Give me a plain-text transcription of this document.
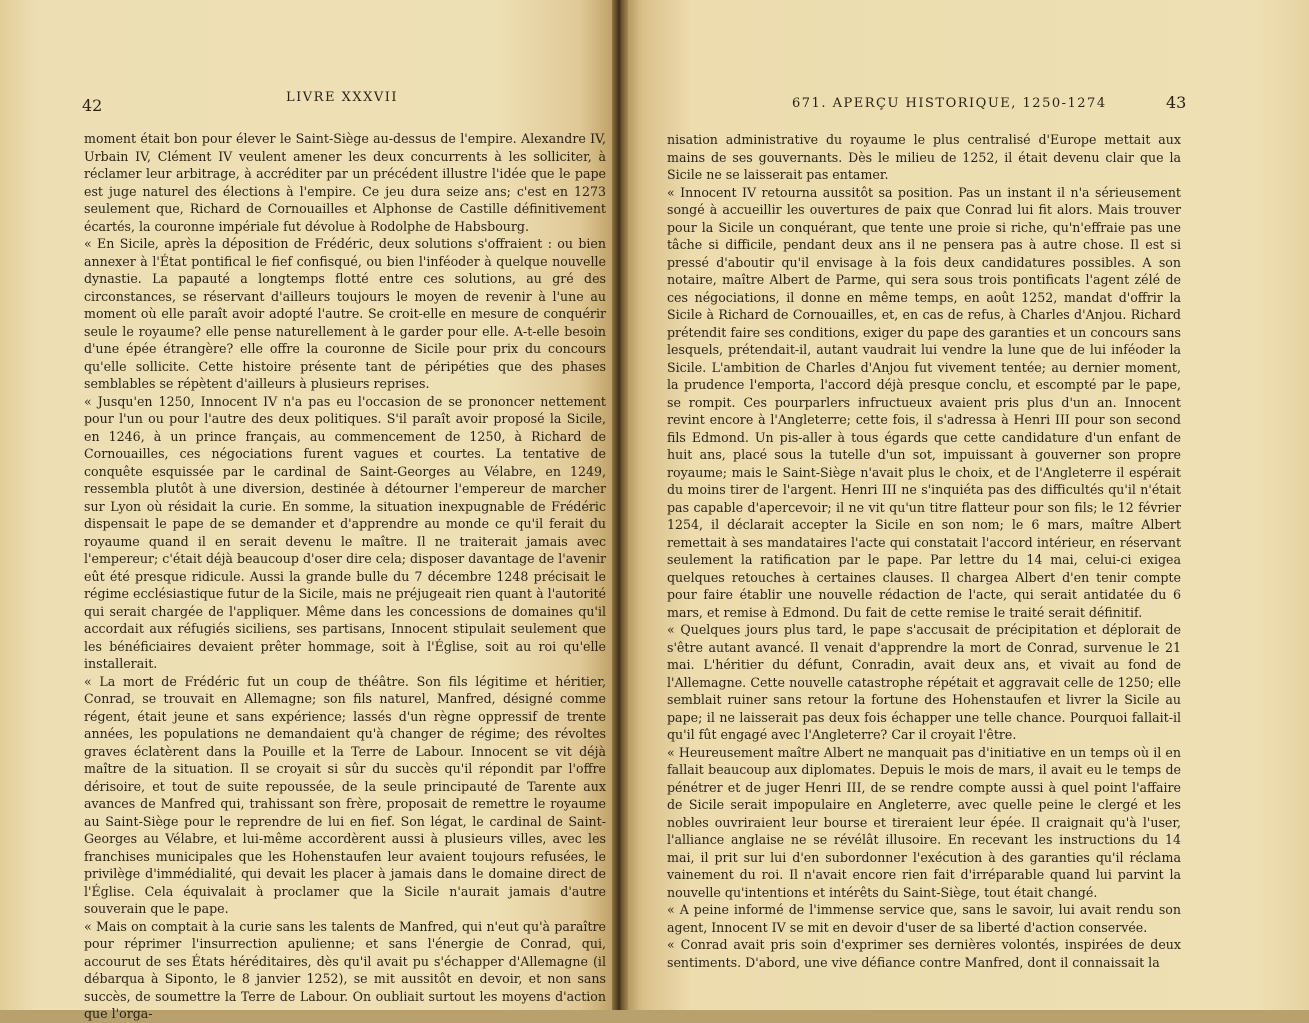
42	LIVRE XXXVII

moment était bon pour élever le Saint-Siège au-dessus de l'empire. Alexandre IV, Urbain IV, Clément IV veulent amener les deux concurrents à les solliciter, à réclamer leur arbitrage, à accréditer par un précédent illustre l'idée que le pape est juge naturel des élections à l'empire. Ce jeu dura seize ans; c'est en 1273 seulement que, Richard de Cornouailles et Alphonse de Castille définitivement écartés, la couronne impériale fut dévolue à Rodolphe de Habsbourg.

« En Sicile, après la déposition de Frédéric, deux solutions s'offraient : ou bien annexer à l'État pontifical le fief confisqué, ou bien l'inféoder à quelque nouvelle dynastie. La papauté a longtemps flotté entre ces solutions, au gré des circonstances, se réservant d'ailleurs toujours le moyen de revenir à l'une au moment où elle paraît avoir adopté l'autre. Se croit-elle en mesure de conquérir seule le royaume? elle pense naturellement à le garder pour elle. A-t-elle besoin d'une épée étrangère? elle offre la couronne de Sicile pour prix du concours qu'elle sollicite. Cette histoire présente tant de péripéties que des phases semblables se répètent d'ailleurs à plusieurs reprises.

« Jusqu'en 1250, Innocent IV n'a pas eu l'occasion de se prononcer nettement pour l'un ou pour l'autre des deux politiques. S'il paraît avoir proposé la Sicile, en 1246, à un prince français, au commencement de 1250, à Richard de Cornouailles, ces négociations furent vagues et courtes. La tentative de conquête esquissée par le cardinal de Saint-Georges au Vélabre, en 1249, ressembla plutôt à une diversion, destinée à détourner l'empereur de marcher sur Lyon où résidait la curie. En somme, la situation inexpugnable de Frédéric dispensait le pape de se demander et d'apprendre au monde ce qu'il ferait du royaume quand il en serait devenu le maître. Il ne traiterait jamais avec l'empereur; c'était déjà beaucoup d'oser dire cela; disposer davantage de l'avenir eût été presque ridicule. Aussi la grande bulle du 7 décembre 1248 précisait le régime ecclésiastique futur de la Sicile, mais ne préjugeait rien quant à l'autorité qui serait chargée de l'appliquer. Même dans les concessions de domaines qu'il accordait aux réfugiés siciliens, ses partisans, Innocent stipulait seulement que les bénéficiaires devaient prêter hommage, soit à l'Église, soit au roi qu'elle installerait.

« La mort de Frédéric fut un coup de théâtre. Son fils légitime et héritier, Conrad, se trouvait en Allemagne; son fils naturel, Manfred, désigné comme régent, était jeune et sans expérience; lassés d'un règne oppressif de trente années, les populations ne demandaient qu'à changer de régime; des révoltes graves éclatèrent dans la Pouille et la Terre de Labour. Innocent se vit déjà maître de la situation. Il se croyait si sûr du succès qu'il répondit par l'offre dérisoire, et tout de suite repoussée, de la seule principauté de Tarente aux avances de Manfred qui, trahissant son frère, proposait de remettre le royaume au Saint-Siège pour le reprendre de lui en fief. Son légat, le cardinal de Saint-Georges au Vélabre, et lui-même accordèrent aussi à plusieurs villes, avec les franchises municipales que les Hohenstaufen leur avaient toujours refusées, le privilège d'immédialité, qui devait les placer à jamais dans le domaine direct de l'Église. Cela équivalait à proclamer que la Sicile n'aurait jamais d'autre souverain que le pape.

« Mais on comptait à la curie sans les talents de Manfred, qui n'eut qu'à paraître pour réprimer l'insurrection apulienne; et sans l'énergie de Conrad, qui, accourut de ses États héréditaires, dès qu'il avait pu s'échapper d'Allemagne (il débarqua à Siponto, le 8 janvier 1252), se mit aussitôt en devoir, et non sans succès, de soumettre la Terre de Labour. On oubliait surtout les moyens d'action que l'orga-

671. APERÇU HISTORIQUE, 1250-1274	43

nisation administrative du royaume le plus centralisé d'Europe mettait aux mains de ses gouvernants. Dès le milieu de 1252, il était devenu clair que la Sicile ne se laisserait pas entamer.

« Innocent IV retourna aussitôt sa position. Pas un instant il n'a sérieusement songé à accueillir les ouvertures de paix que Conrad lui fit alors. Mais trouver pour la Sicile un conquérant, que tente une proie si riche, qu'n'effraie pas une tâche si difficile, pendant deux ans il ne pensera pas à autre chose. Il est si pressé d'aboutir qu'il envisage à la fois deux candidatures possibles. A son notaire, maître Albert de Parme, qui sera sous trois pontificats l'agent zélé de ces négociations, il donne en même temps, en août 1252, mandat d'offrir la Sicile à Richard de Cornouailles, et, en cas de refus, à Charles d'Anjou. Richard prétendit faire ses conditions, exiger du pape des garanties et un concours sans lesquels, prétendait-il, autant vaudrait lui vendre la lune que de lui inféoder la Sicile. L'ambition de Charles d'Anjou fut vivement tentée; au dernier moment, la prudence l'emporta, l'accord déjà presque conclu, et escompté par le pape, se rompit. Ces pourparlers infructueux avaient pris plus d'un an. Innocent revint encore à l'Angleterre; cette fois, il s'adressa à Henri III pour son second fils Edmond. Un pis-aller à tous égards que cette candidature d'un enfant de huit ans, placé sous la tutelle d'un sot, impuissant à gouverner son propre royaume; mais le Saint-Siège n'avait plus le choix, et de l'Angleterre il espérait du moins tirer de l'argent. Henri III ne s'inquiéta pas des difficultés qu'il n'était pas capable d'apercevoir; il ne vit qu'un titre flatteur pour son fils; le 12 février 1254, il déclarait accepter la Sicile en son nom; le 6 mars, maître Albert remettait à ses mandataires l'acte qui constatait l'accord intérieur, en réservant seulement la ratification par le pape. Par lettre du 14 mai, celui-ci exigea quelques retouches à certaines clauses. Il chargea Albert d'en tenir compte pour faire établir une nouvelle rédaction de l'acte, qui serait antidatée du 6 mars, et remise à Edmond. Du fait de cette remise le traité serait définitif.

« Quelques jours plus tard, le pape s'accusait de précipitation et déplorait de s'être autant avancé. Il venait d'apprendre la mort de Conrad, survenue le 21 mai. L'héritier du défunt, Conradin, avait deux ans, et vivait au fond de l'Allemagne. Cette nouvelle catastrophe répétait et aggravait celle de 1250; elle semblait ruiner sans retour la fortune des Hohenstaufen et livrer la Sicile au pape; il ne laisserait pas deux fois échapper une telle chance. Pourquoi fallait-il qu'il fût engagé avec l'Angleterre? Car il croyait l'être.

« Heureusement maître Albert ne manquait pas d'initiative en un temps où il en fallait beaucoup aux diplomates. Depuis le mois de mars, il avait eu le temps de pénétrer et de juger Henri III, de se rendre compte aussi à quel point l'affaire de Sicile serait impopulaire en Angleterre, avec quelle peine le clergé et les nobles ouvriraient leur bourse et tireraient leur épée. Il craignait qu'à l'user, l'alliance anglaise ne se révélât illusoire. En recevant les instructions du 14 mai, il prit sur lui d'en subordonner l'exécution à des garanties qu'il réclama vainement du roi. Il n'avait encore rien fait d'irréparable quand lui parvint la nouvelle qu'intentions et intérêts du Saint-Siège, tout était changé.

« A peine informé de l'immense service que, sans le savoir, lui avait rendu son agent, Innocent IV se mit en devoir d'user de sa liberté d'action conservée.

« Conrad avait pris soin d'exprimer ses dernières volontés, inspirées de deux sentiments. D'abord, une vive défiance contre Manfred, dont il connaissait la
